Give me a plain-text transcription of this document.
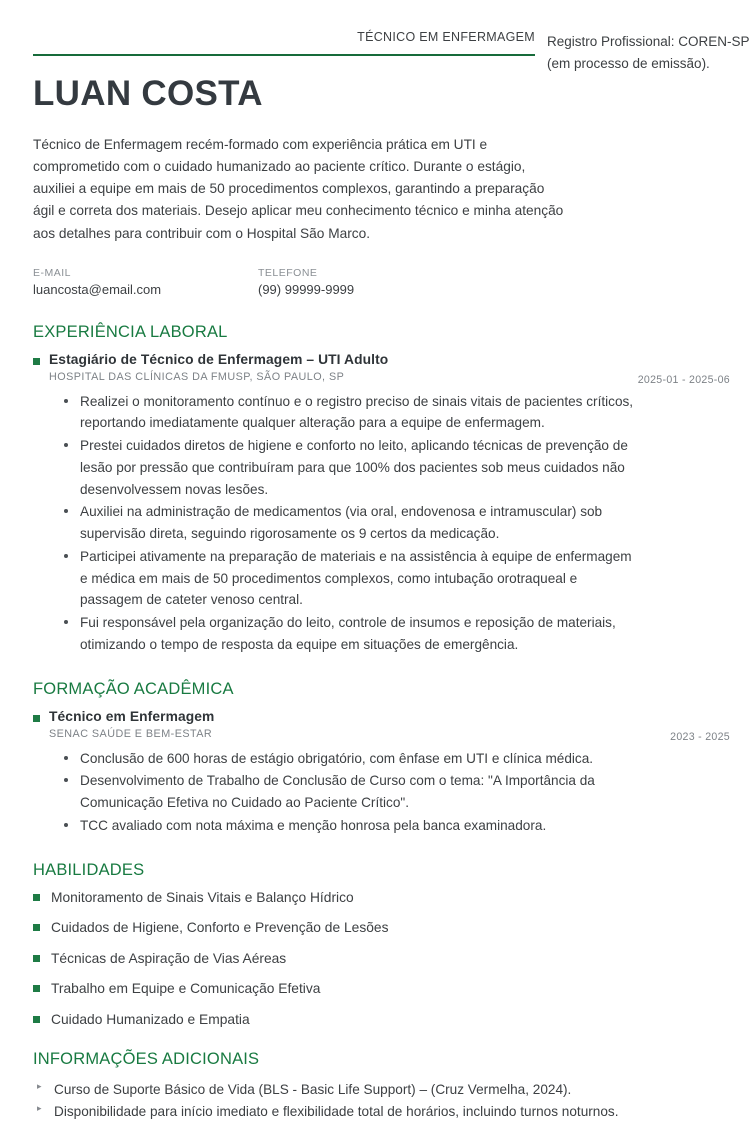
TÉCNICO EM ENFERMAGEM
LUAN COSTA
Registro Profissional: COREN-SP (em processo de emissão).
Técnico de Enfermagem recém-formado com experiência prática em UTI e comprometido com o cuidado humanizado ao paciente crítico. Durante o estágio, auxiliei a equipe em mais de 50 procedimentos complexos, garantindo a preparação ágil e correta dos materiais. Desejo aplicar meu conhecimento técnico e minha atenção aos detalhes para contribuir com o Hospital São Marco.
E-MAIL
luancosta@email.com
TELEFONE
(99) 99999-9999
EXPERIÊNCIA LABORAL
2025-01 - 2025-06
Estagiário de Técnico de Enfermagem – UTI Adulto
HOSPITAL DAS CLÍNICAS DA FMUSP, SÃO PAULO, SP
Realizei o monitoramento contínuo e o registro preciso de sinais vitais de pacientes críticos, reportando imediatamente qualquer alteração para a equipe de enfermagem.
Prestei cuidados diretos de higiene e conforto no leito, aplicando técnicas de prevenção de lesão por pressão que contribuíram para que 100% dos pacientes sob meus cuidados não desenvolvessem novas lesões.
Auxiliei na administração de medicamentos (via oral, endovenosa e intramuscular) sob supervisão direta, seguindo rigorosamente os 9 certos da medicação.
Participei ativamente na preparação de materiais e na assistência à equipe de enfermagem e médica em mais de 50 procedimentos complexos, como intubação orotraqueal e passagem de cateter venoso central.
Fui responsável pela organização do leito, controle de insumos e reposição de materiais, otimizando o tempo de resposta da equipe em situações de emergência.
FORMAÇÃO ACADÊMICA
2023 - 2025
Técnico em Enfermagem
SENAC SAÚDE E BEM-ESTAR
Conclusão de 600 horas de estágio obrigatório, com ênfase em UTI e clínica médica.
Desenvolvimento de Trabalho de Conclusão de Curso com o tema: "A Importância da Comunicação Efetiva no Cuidado ao Paciente Crítico".
TCC avaliado com nota máxima e menção honrosa pela banca examinadora.
HABILIDADES
Monitoramento de Sinais Vitais e Balanço Hídrico
Cuidados de Higiene, Conforto e Prevenção de Lesões
Técnicas de Aspiração de Vias Aéreas
Trabalho em Equipe e Comunicação Efetiva
Cuidado Humanizado e Empatia
INFORMAÇÕES ADICIONAIS
▸ Curso de Suporte Básico de Vida (BLS - Basic Life Support) – (Cruz Vermelha, 2024).
▸ Disponibilidade para início imediato e flexibilidade total de horários, incluindo turnos noturnos.
